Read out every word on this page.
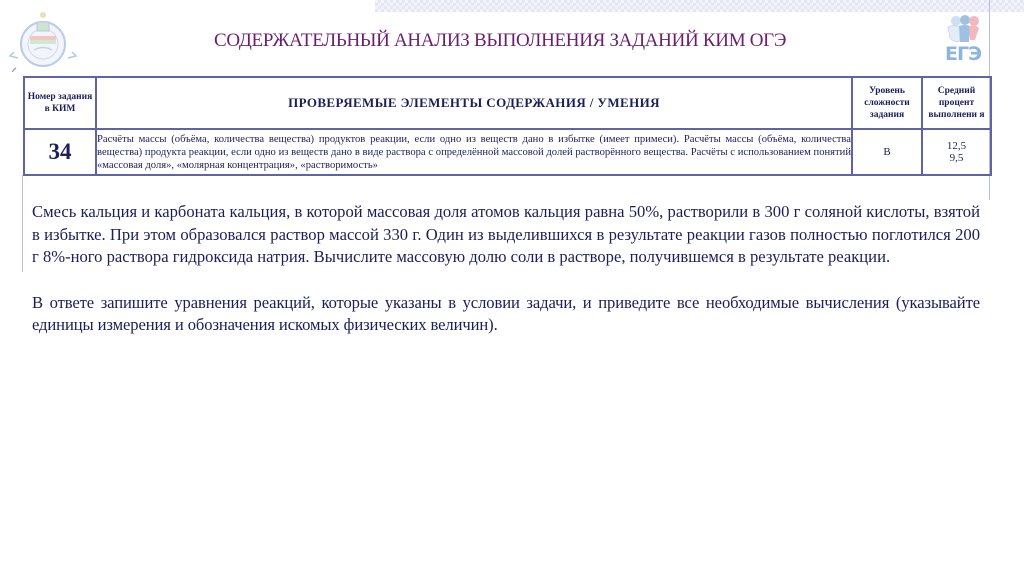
ЕГЭ
СОДЕРЖАТЕЛЬНЫЙ АНАЛИЗ ВЫПОЛНЕНИЯ ЗАДАНИЙ КИМ ОГЭ
Номер задания в КИМ	ПРОВЕРЯЕМЫЕ ЭЛЕМЕНТЫ СОДЕРЖАНИЯ / УМЕНИЯ	Уровень сложности задания	Средний процент выполнени я
34	Расчёты массы (объёма, количества вещества) продуктов реакции, если одно из веществ дано в избытке (имеет примеси). Расчёты массы (объёма, количества вещества) продукта реакции, если одно из веществ дано в виде раствора с определённой массовой долей растворённого вещества. Расчёты с использованием понятий «массовая доля», «молярная концентрация», «растворимость»	В	12,5
9,5

Смесь кальция и карбоната кальция, в которой массовая доля атомов кальция равна 50%, растворили в 300 г соляной кислоты, взятой в избытке. При этом образовался раствор массой 330 г. Один из выделившихся в результате реакции газов полностью поглотился 200 г 8%-ного раствора гидроксида натрия. Вычислите массовую долю соли в растворе, получившемся в результате реакции.

В ответе запишите уравнения реакций, которые указаны в условии задачи, и приведите все необходимые вычисления (указывайте единицы измерения и обозначения искомых физических величин).
